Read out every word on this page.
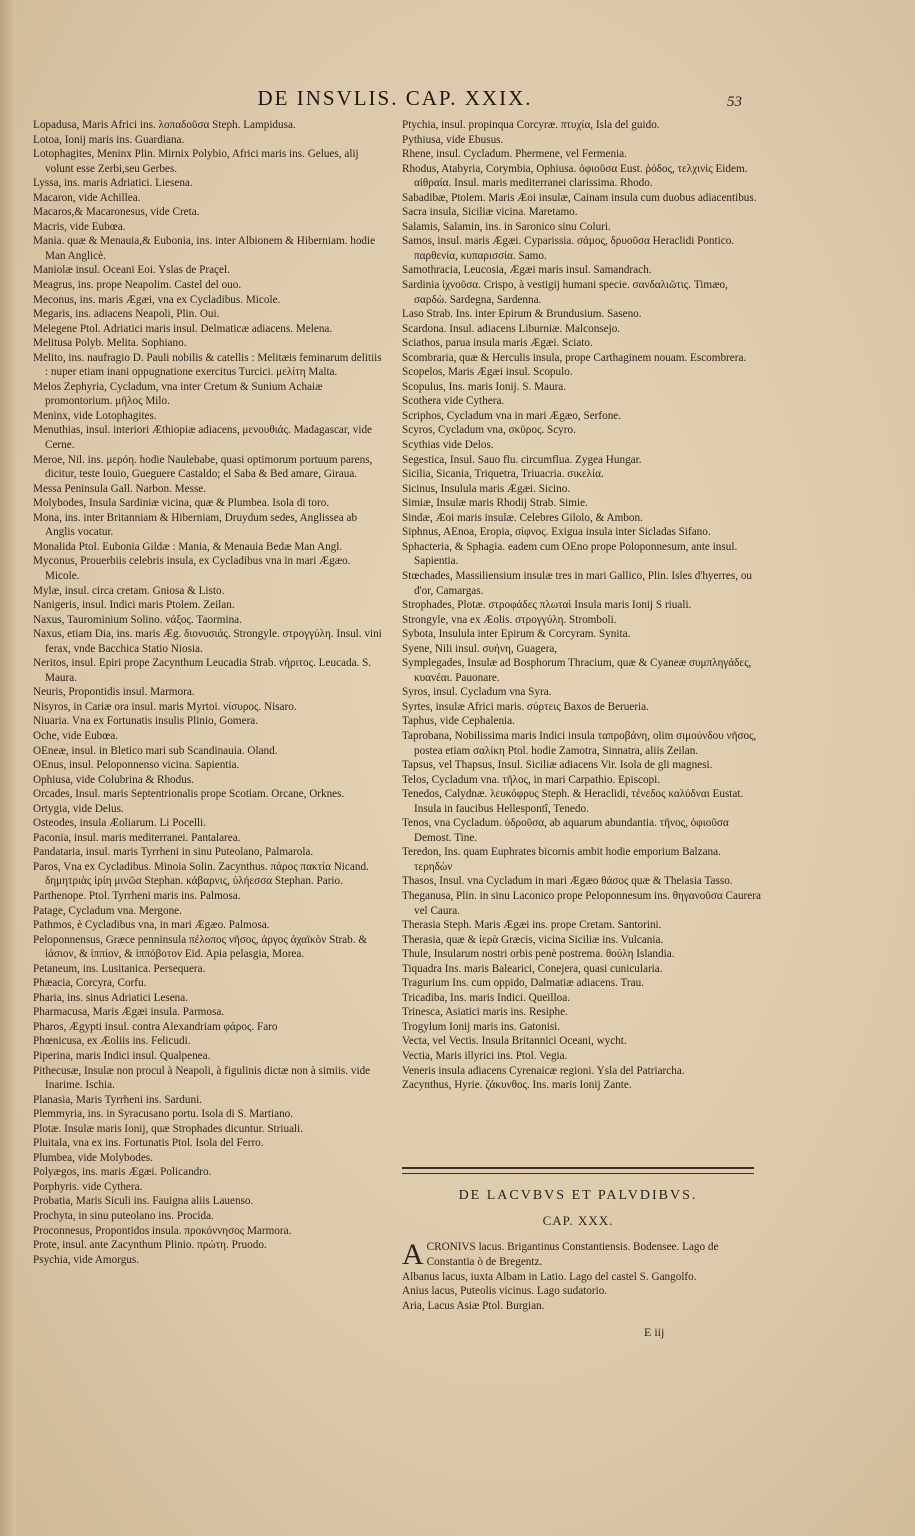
DE INSVLIS. CAP. XXIX.	53

Lopadusa, Maris Africi ins. λοπαδοῦσα Steph. Lampidusa.

Lotoa, Ionij maris ins. Guardiana.

Lotophagites, Meninx Plin. Mirnix Polybio, Africi maris ins. Gelues, alij volunt esse Zerbi,seu Gerbes.

Lyssa, ins. maris Adriatici. Liesena.

Macaron, vide Achillea.

Macaros,& Macaronesus, vide Creta.

Macris, vide Eubœa.

Mania. quæ & Menauia,& Eubonia, ins. inter Albionem & Hiberniam. hodie Man Anglicè.

Maniolæ insul. Oceani Eoi. Yslas de Praçel.

Meagrus, ins. prope Neapolim. Castel del ouo.

Meconus, ins. maris Ægæi, vna ex Cycladibus. Micole.

Megaris, ins. adiacens Neapoli, Plin. Oui.

Melegene Ptol. Adriatici maris insul. Delmaticæ adiacens. Melena.

Melitusa Polyb. Melita. Sophiano.

Melito, ins. naufragio D. Pauli nobilis & catellis : Melitæis feminarum delitiis : nuper etiam inani oppugnatione exercitus Turcici. μελίτη Malta.

Melos Zephyria, Cycladum, vna inter Cretum & Sunium Achaiæ promontorium. μῆλος Milo.

Meninx, vide Lotophagites.

Menuthias, insul. interiori Æthiopiæ adiacens, μενουθιάς. Madagascar, vide Cerne.

Meroe, Nil. ins. μερόη. hodie Naulebabe, quasi optimorum portuum parens, dicitur, teste Iouio, Gueguere Castaldo; el Saba & Bed amare, Giraua.

Messa Peninsula Gall. Narbon. Messe.

Molybodes, Insula Sardiniæ vicina, quæ & Plumbea. Isola di toro.

Mona, ins. inter Britanniam & Hiberniam, Druydum sedes, Anglissea ab Anglis vocatur.

Monalida Ptol. Eubonia Gildæ : Mania, & Menauia Bedæ Man Angl.

Myconus, Prouerbiis celebris insula, ex Cycladibus vna in mari Ægæo. Micole.

Mylæ, insul. circa cretam. Gniosa & Listo.

Nanigeris, insul. Indici maris Ptolem. Zeilan.

Naxus, Taurominium Solino. νάξος. Taormina.

Naxus, etiam Dia, ins. maris Æg. διονυσιάς. Strongyle. στρογγύλη. Insul. vini ferax, vnde Bacchica Statio Niosia.

Neritos, insul. Epiri prope Zacynthum Leucadia Strab. νήριτος. Leucada. S. Maura.

Neuris, Propontidis insul. Marmora.

Nisyros, in Cariæ ora insul. maris Myrtoi. νίσυρος. Nisaro.

Niuaria. Vna ex Fortunatis insulis Plinio, Gomera.

Oche, vide Eubœa.

OEneæ, insul. in Bletico mari sub Scandinauia. Oland.

OEnus, insul. Peloponnenso vicina. Sapientia.

Ophiusa, vide Colubrina & Rhodus.

Orcades, Insul. maris Septentrionalis prope Scotiam. Orcane, Orknes.

Ortygia, vide Delus.

Osteodes, insula Æoliarum. Li Pocelli.

Paconia, insul. maris mediterranei. Pantalarea.

Pandataria, insul. maris Tyrrheni in sinu Puteolano, Palmarola.

Paros, Vna ex Cycladibus. Minoia Solin. Zacynthus. πάρος πακτία Nicand. δημητριὰς ἰρίη μινῶα Stephan. κάβαρνις, ὑλήεσσα Stephan. Pario.

Parthenope. Ptol. Tyrrheni maris ins. Palmosa.

Patage, Cycladum vna. Mergone.

Pathmos, è Cycladibus vna, in mari Ægæo. Palmosa.

Peloponnensus, Græce penninsula πέλοπος νῆσος, ἀργος ἀχαϊκὸν Strab. & ἰάσιον, & ἱππίον, & ἱππόβοτον Eid. Apia pelasgia, Morea.

Petaneum, ins. Lusitanica. Persequera.

Phæacia, Corcyra, Corfu.

Pharia, ins. sinus Adriatici Lesena.

Pharmacusa, Maris Ægæi insula. Parmosa.

Pharos, Ægypti insul. contra Alexandriam φάρος. Faro

Phœnicusa, ex Æoliis ins. Felicudi.

Piperina, maris Indici insul. Qualpenea.

Pithecusæ, Insulæ non procul à Neapoli, à figulinis dictæ non à simiis. vide Inarime. Ischia.

Planasia, Maris Tyrrheni ins. Sarduni.

Plemmyria, ins. in Syracusano portu. Isola di S. Martiano.

Plotæ. Insulæ maris Ionij, quæ Strophades dicuntur. Striuali.

Pluitala, vna ex ins. Fortunatis Ptol. Isola del Ferro.

Plumbea, vide Molybodes.

Polyægos, ins. maris Ægæi. Policandro.

Porphyris. vide Cythera.

Probatia, Maris Siculi ins. Fauigna aliis Lauenso.

Prochyta, in sinu puteolano ins. Procida.

Proconnesus, Propontidos insula. προκόννησος Marmora.

Prote, insul. ante Zacynthum Plinio. πρώτη. Pruodo.

Psychia, vide Amorgus.

Ptychia, insul. propinqua Corcyræ. πτυχία, Isla del guido.

Pythiusa, vide Ebusus.

Rhene, insul. Cycladum. Phermene, vel Fermenia.

Rhodus, Atabyria, Corymbia, Ophiusa. ὀφιοῦσα Eust. ῥόδος, τελχινὶς Eidem. αἰθραία. Insul. maris mediterranei clarissima. Rhodo.

Sabadibæ, Ptolem. Maris Æoi insulæ, Cainam insula cum duobus adiacentibus.

Sacra insula, Siciliæ vicina. Maretamo.

Salamis, Salamin, ins. in Saronico sinu Coluri.

Samos, insul. maris Ægæi. Cyparissia. σάμος, δρυοῦσα Heraclidi Pontico. παρθενία, κυπαρισσία. Samo.

Samothracia, Leucosia, Ægæi maris insul. Samandrach.

Sardinia ἰχνοῦσα. Crispo, à vestigij humani specie. σανδαλιῶτις. Timæo, σαρδὼ. Sardegna, Sardenna.

Laso Strab. Ins. inter Epirum & Brundusium. Saseno.

Scardona. Insul. adiacens Liburniæ. Malconsejo.

Sciathos, parua insula maris Ægæi. Sciato.

Scombraria, quæ & Herculis insula, prope Carthaginem nouam. Escombrera.

Scopelos, Maris Ægæi insul. Scopulo.

Scopulus, Ins. maris Ionij. S. Maura.

Scothera vide Cythera.

Scriphos, Cycladum vna in mari Ægæo, Serfone.

Scyros, Cycladum vna, σκῦρος. Scyro.

Scythias vide Delos.

Segestica, Insul. Sauo flu. circumflua. Zygea Hungar.

Sicilia, Sicania, Triquetra, Triuacria. σικελία.

Sicinus, Insulula maris Ægæi. Sicino.

Simiæ, Insulæ maris Rhodij Strab. Simie.

Sindæ, Æoi maris insulæ. Celebres Gilolo, & Ambon.

Siphnus, AEnoa, Eropia, σίφνος. Exigua insula inter Sicladas Sifano.

Sphacteria, & Sphagia. eadem cum OEno prope Poloponnesum, ante insul. Sapientia.

Stœchades, Massiliensium insulæ tres in mari Gallico, Plin. Isles d'hyerres, ou d'or, Camargas.

Strophades, Plotæ. στροφάδες πλωταὶ Insula maris Ionij S riuali.

Strongyle, vna ex Æolis. στρογγύλη. Stromboli.

Sybota, Insulula inter Epirum & Corcyram. Synita.

Syene, Nili insul. συήνη, Guagera,

Symplegades, Insulæ ad Bosphorum Thracium, quæ & Cyaneæ συμπληγάδες, κυανέαι. Pauonare.

Syros, insul. Cycladum vna Syra.

Syrtes, insulæ Africi maris. σύρτεις Baxos de Berueria.

Taphus, vide Cephalenia.

Taprobana, Nobilissima maris Indici insula ταπροβάνη, olim σιμούνδου νῆσος, postea etiam σαλίκη Ptol. hodie Zamotra, Sinnatra, aliis Zeilan.

Tapsus, vel Thapsus, Insul. Siciliæ adiacens Vir. Isola de gli magnesi.

Telos, Cycladum vna. τῆλος, in mari Carpathio. Episcopi.

Tenedos, Calydnæ. λευκόφρυς Steph. & Heraclidi, τένεδος καλύδναι Eustat. Insula in faucibus Hellespontî, Tenedo.

Tenos, vna Cycladum. ὑδροῦσα, ab aquarum abundantia. τῆνος, ὀφιοῦσα Demost. Tine.

Teredon, Ins. quam Euphrates bicornis ambit hodie emporium Balzana. τερηδὼν

Thasos, Insul. vna Cycladum in mari Ægæo θάσος quæ & Thelasia Tasso.

Theganusa, Plin. in sinu Laconico prope Peloponnesum ins. θηγανοῦσα Caurera vel Caura.

Therasia Steph. Maris Ægæi ins. prope Cretam. Santorini.

Therasia, quæ & ἱερὰ Græcis, vicina Siciliæ ins. Vulcania.

Thule, Insularum nostri orbis penè postrema. θούλη Islandia.

Tiquadra Ins. maris Balearici, Conejera, quasi cunicularia.

Tragurium Ins. cum oppido, Dalmatiæ adiacens. Trau.

Tricadiba, Ins. maris Indici. Queilloa.

Trinesca, Asiatici maris ins. Resiphe.

Trogylum Ionij maris ins. Gatonisi.

Vecta, vel Vectis. Insula Britannici Oceani, wycht.

Vectia, Maris illyrici ins. Ptol. Vegia.

Veneris insula adiacens Cyrenaicæ regioni. Ysla del Patriarcha.

Zacynthus, Hyrie. ζάκυνθος. Ins. maris Ionij Zante.

DE LACVBVS ET PALVDIBVS.
CAP. XXX.

ACRONIVS lacus. Brigantinus Constantiensis. Bodensee. Lago de Constantia ò de Bregentz.

Albanus lacus, iuxta Albam in Latio. Lago del castel S. Gangolfo.

Anius lacus, Puteolis vicinus. Lago sudatorio.

Aria, Lacus Asiæ Ptol. Burgian.

E iij
